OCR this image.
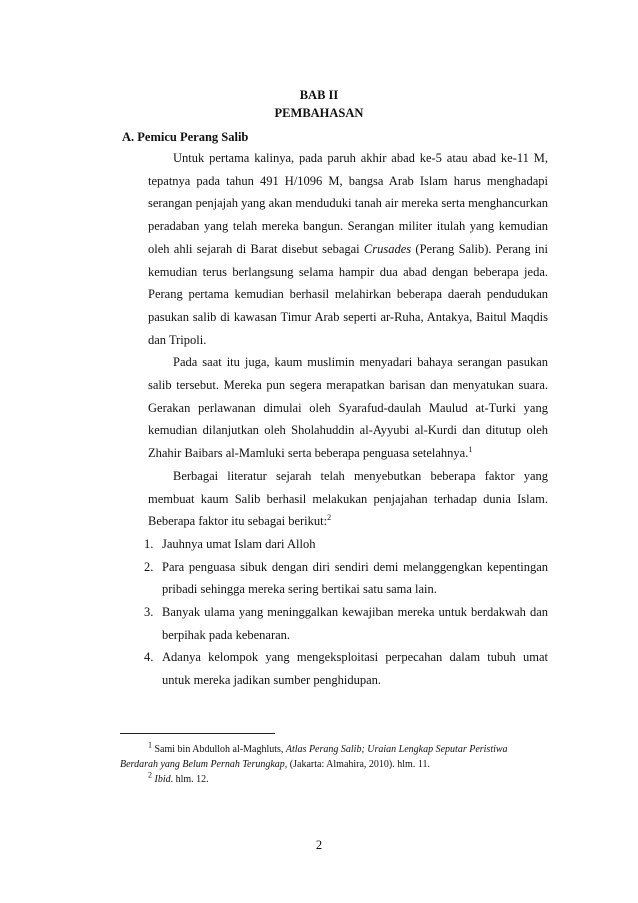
BAB II
PEMBAHASAN
A. Pemicu Perang Salib

Untuk pertama kalinya, pada paruh akhir abad ke-5 atau abad ke-11 M, tepatnya pada tahun 491 H/1096 M, bangsa Arab Islam harus menghadapi serangan penjajah yang akan menduduki tanah air mereka serta menghancurkan peradaban yang telah mereka bangun. Serangan militer itulah yang kemudian oleh ahli sejarah di Barat disebut sebagai Crusades (Perang Salib). Perang ini kemudian terus berlangsung selama hampir dua abad dengan beberapa jeda. Perang pertama kemudian berhasil melahirkan beberapa daerah pendudukan pasukan salib di kawasan Timur Arab seperti ar-Ruha, Antakya, Baitul Maqdis dan Tripoli.

Pada saat itu juga, kaum muslimin menyadari bahaya serangan pasukan salib tersebut. Mereka pun segera merapatkan barisan dan menyatukan suara. Gerakan perlawanan dimulai oleh Syarafud-daulah Maulud at-Turki yang kemudian dilanjutkan oleh Sholahuddin al-Ayyubi al-Kurdi dan ditutup oleh Zhahir Baibars al-Mamluki serta beberapa penguasa setelahnya.$^1$

Berbagai literatur sejarah telah menyebutkan beberapa faktor yang membuat kaum Salib berhasil melakukan penjajahan terhadap dunia Islam. Beberapa faktor itu sebagai berikut:$^2$

1. Jauhnya umat Islam dari Alloh
2. Para penguasa sibuk dengan diri sendiri demi melanggengkan kepentingan pribadi sehingga mereka sering bertikai satu sama lain.
3. Banyak ulama yang meninggalkan kewajiban mereka untuk berdakwah dan berpihak pada kebenaran.
4. Adanya kelompok yang mengeksploitasi perpecahan dalam tubuh umat untuk mereka jadikan sumber penghidupan.
$^1$ Sami bin Abdulloh al-Maghluts, Atlas Perang Salib; Uraian Lengkap Seputar Peristiwa Berdarah yang Belum Pernah Terungkap, (Jakarta: Almahira, 2010). hlm. 11.
$^2$ Ibid. hlm. 12.
2
